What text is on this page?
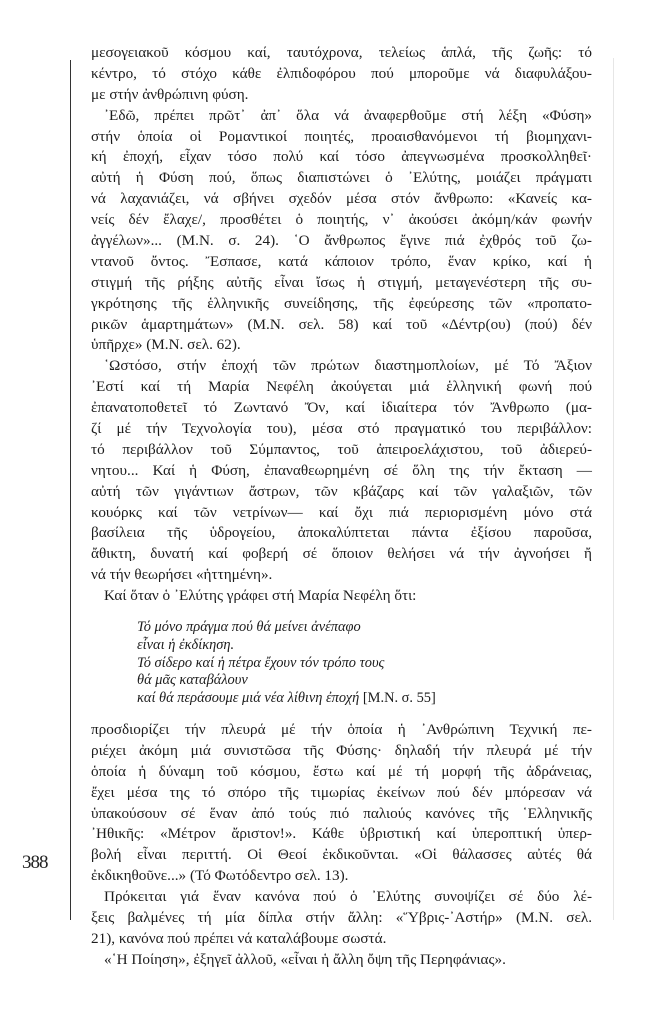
388
μεσογειακοῦ κόσμου καί, ταυτόχρονα, τελείως ἁπλά, τῆς ζωῆς: τό
κέντρο, τό στόχο κάθε ἐλπιδοφόρου πού μποροῦμε νά διαφυλάξου-
με στήν ἀνθρώπινη φύση.
᾿Εδῶ, πρέπει πρῶτ᾿ ἀπ᾿ ὅλα νά ἀναφερθοῦμε στή λέξη «Φύση»
στήν ὁποία οἱ Ρομαντικοί ποιητές, προαισθανόμενοι τή βιομηχανι-
κή ἐποχή, εἶχαν τόσο πολύ καί τόσο ἀπεγνωσμένα προσκολληθεῖ·
αὐτή ἡ Φύση πού, ὅπως διαπιστώνει ὁ ᾿Ελύτης, μοιάζει πράγματι
νά λαχανιάζει, νά σβήνει σχεδόν μέσα στόν ἄνθρωπο: «Κανείς κα-
νείς δέν ἔλαχε/, προσθέτει ὁ ποιητής, ν᾿ ἀκούσει ἀκόμη/κάν φωνήν
ἀγγέλων»... (Μ.Ν. σ. 24). ῾Ο ἄνθρωπος ἔγινε πιά ἐχθρός τοῦ ζω-
ντανοῦ ὄντος. Ἔσπασε, κατά κάποιον τρόπο, ἕναν κρίκο, καί ἡ
στιγμή τῆς ρήξης αὐτῆς εἶναι ἴσως ἡ στιγμή, μεταγενέστερη τῆς συ-
γκρότησης τῆς ἑλληνικῆς συνείδησης, τῆς ἐφεύρεσης τῶν «προπατο-
ρικῶν ἁμαρτημάτων» (Μ.Ν. σελ. 58) καί τοῦ «Δέντρ(ου) (πού) δέν
ὑπῆρχε» (Μ.Ν. σελ. 62).
῾Ωστόσο, στήν ἐποχή τῶν πρώτων διαστημοπλοίων, μέ Τό Ἄξιον
᾿Εστί καί τή Μαρία Νεφέλη ἀκούγεται μιά ἑλληνική φωνή πού
ἐπανατοποθετεῖ τό Ζωντανό Ὄν, καί ἰδιαίτερα τόν Ἄνθρωπο (μα-
ζί μέ τήν Τεχνολογία του), μέσα στό πραγματικό του περιβάλλον:
τό περιβάλλον τοῦ Σύμπαντος, τοῦ ἀπειροελάχιστου, τοῦ ἀδιερεύ-
νητου... Καί ἡ Φύση, ἐπαναθεωρημένη σέ ὅλη της τήν ἔκταση —
αὐτή τῶν γιγάντιων ἄστρων, τῶν κβάζαρς καί τῶν γαλαξιῶν, τῶν
κουόρκς καί τῶν νετρίνων— καί ὄχι πιά περιορισμένη μόνο στά
βασίλεια τῆς ὑδρογείου, ἀποκαλύπτεται πάντα ἐξίσου παροῦσα,
ἄθικτη, δυνατή καί φοβερή σέ ὅποιον θελήσει νά τήν ἀγνοήσει ἤ
νά τήν θεωρήσει «ἡττημένη».
Καί ὅταν ὁ ᾿Ελύτης γράφει στή Μαρία Νεφέλη ὅτι:
Τό μόνο πράγμα πού θά μείνει ἀνέπαφο
εἶναι ἡ ἐκδίκηση.
Τό σίδερο καί ἡ πέτρα ἔχουν τόν τρόπο τους
θά μᾶς καταβάλουν
καί θά περάσουμε μιά νέα λίθινη ἐποχή [Μ.Ν. σ. 55]
προσδιορίζει τήν πλευρά μέ τήν ὁποία ἡ ᾿Ανθρώπινη Τεχνική πε-
ριέχει ἀκόμη μιά συνιστῶσα τῆς Φύσης· δηλαδή τήν πλευρά μέ τήν
ὁποία ἡ δύναμη τοῦ κόσμου, ἔστω καί μέ τή μορφή τῆς ἀδράνειας,
ἔχει μέσα της τό σπόρο τῆς τιμωρίας ἐκείνων πού δέν μπόρεσαν νά
ὑπακούσουν σέ ἕναν ἀπό τούς πιό παλιούς κανόνες τῆς ῾Ελληνικῆς
᾿Ηθικῆς: «Μέτρον ἄριστον!». Κάθε ὑβριστική καί ὑπεροπτική ὑπερ-
βολή εἶναι περιττή. Οἱ Θεοί ἐκδικοῦνται. «Οἱ θάλασσες αὐτές θά
ἐκδικηθοῦνε...» (Τό Φωτόδεντρο σελ. 13).
Πρόκειται γιά ἕναν κανόνα πού ὁ ᾿Ελύτης συνοψίζει σέ δύο λέ-
ξεις βαλμένες τή μία δίπλα στήν ἄλλη: «Ὕβρις-᾿Αστήρ» (Μ.Ν. σελ.
21), κανόνα πού πρέπει νά καταλάβουμε σωστά.
«῾Η Ποίηση», ἐξηγεῖ ἀλλοῦ, «εἶναι ἡ ἄλλη ὄψη τῆς Περηφάνιας».
